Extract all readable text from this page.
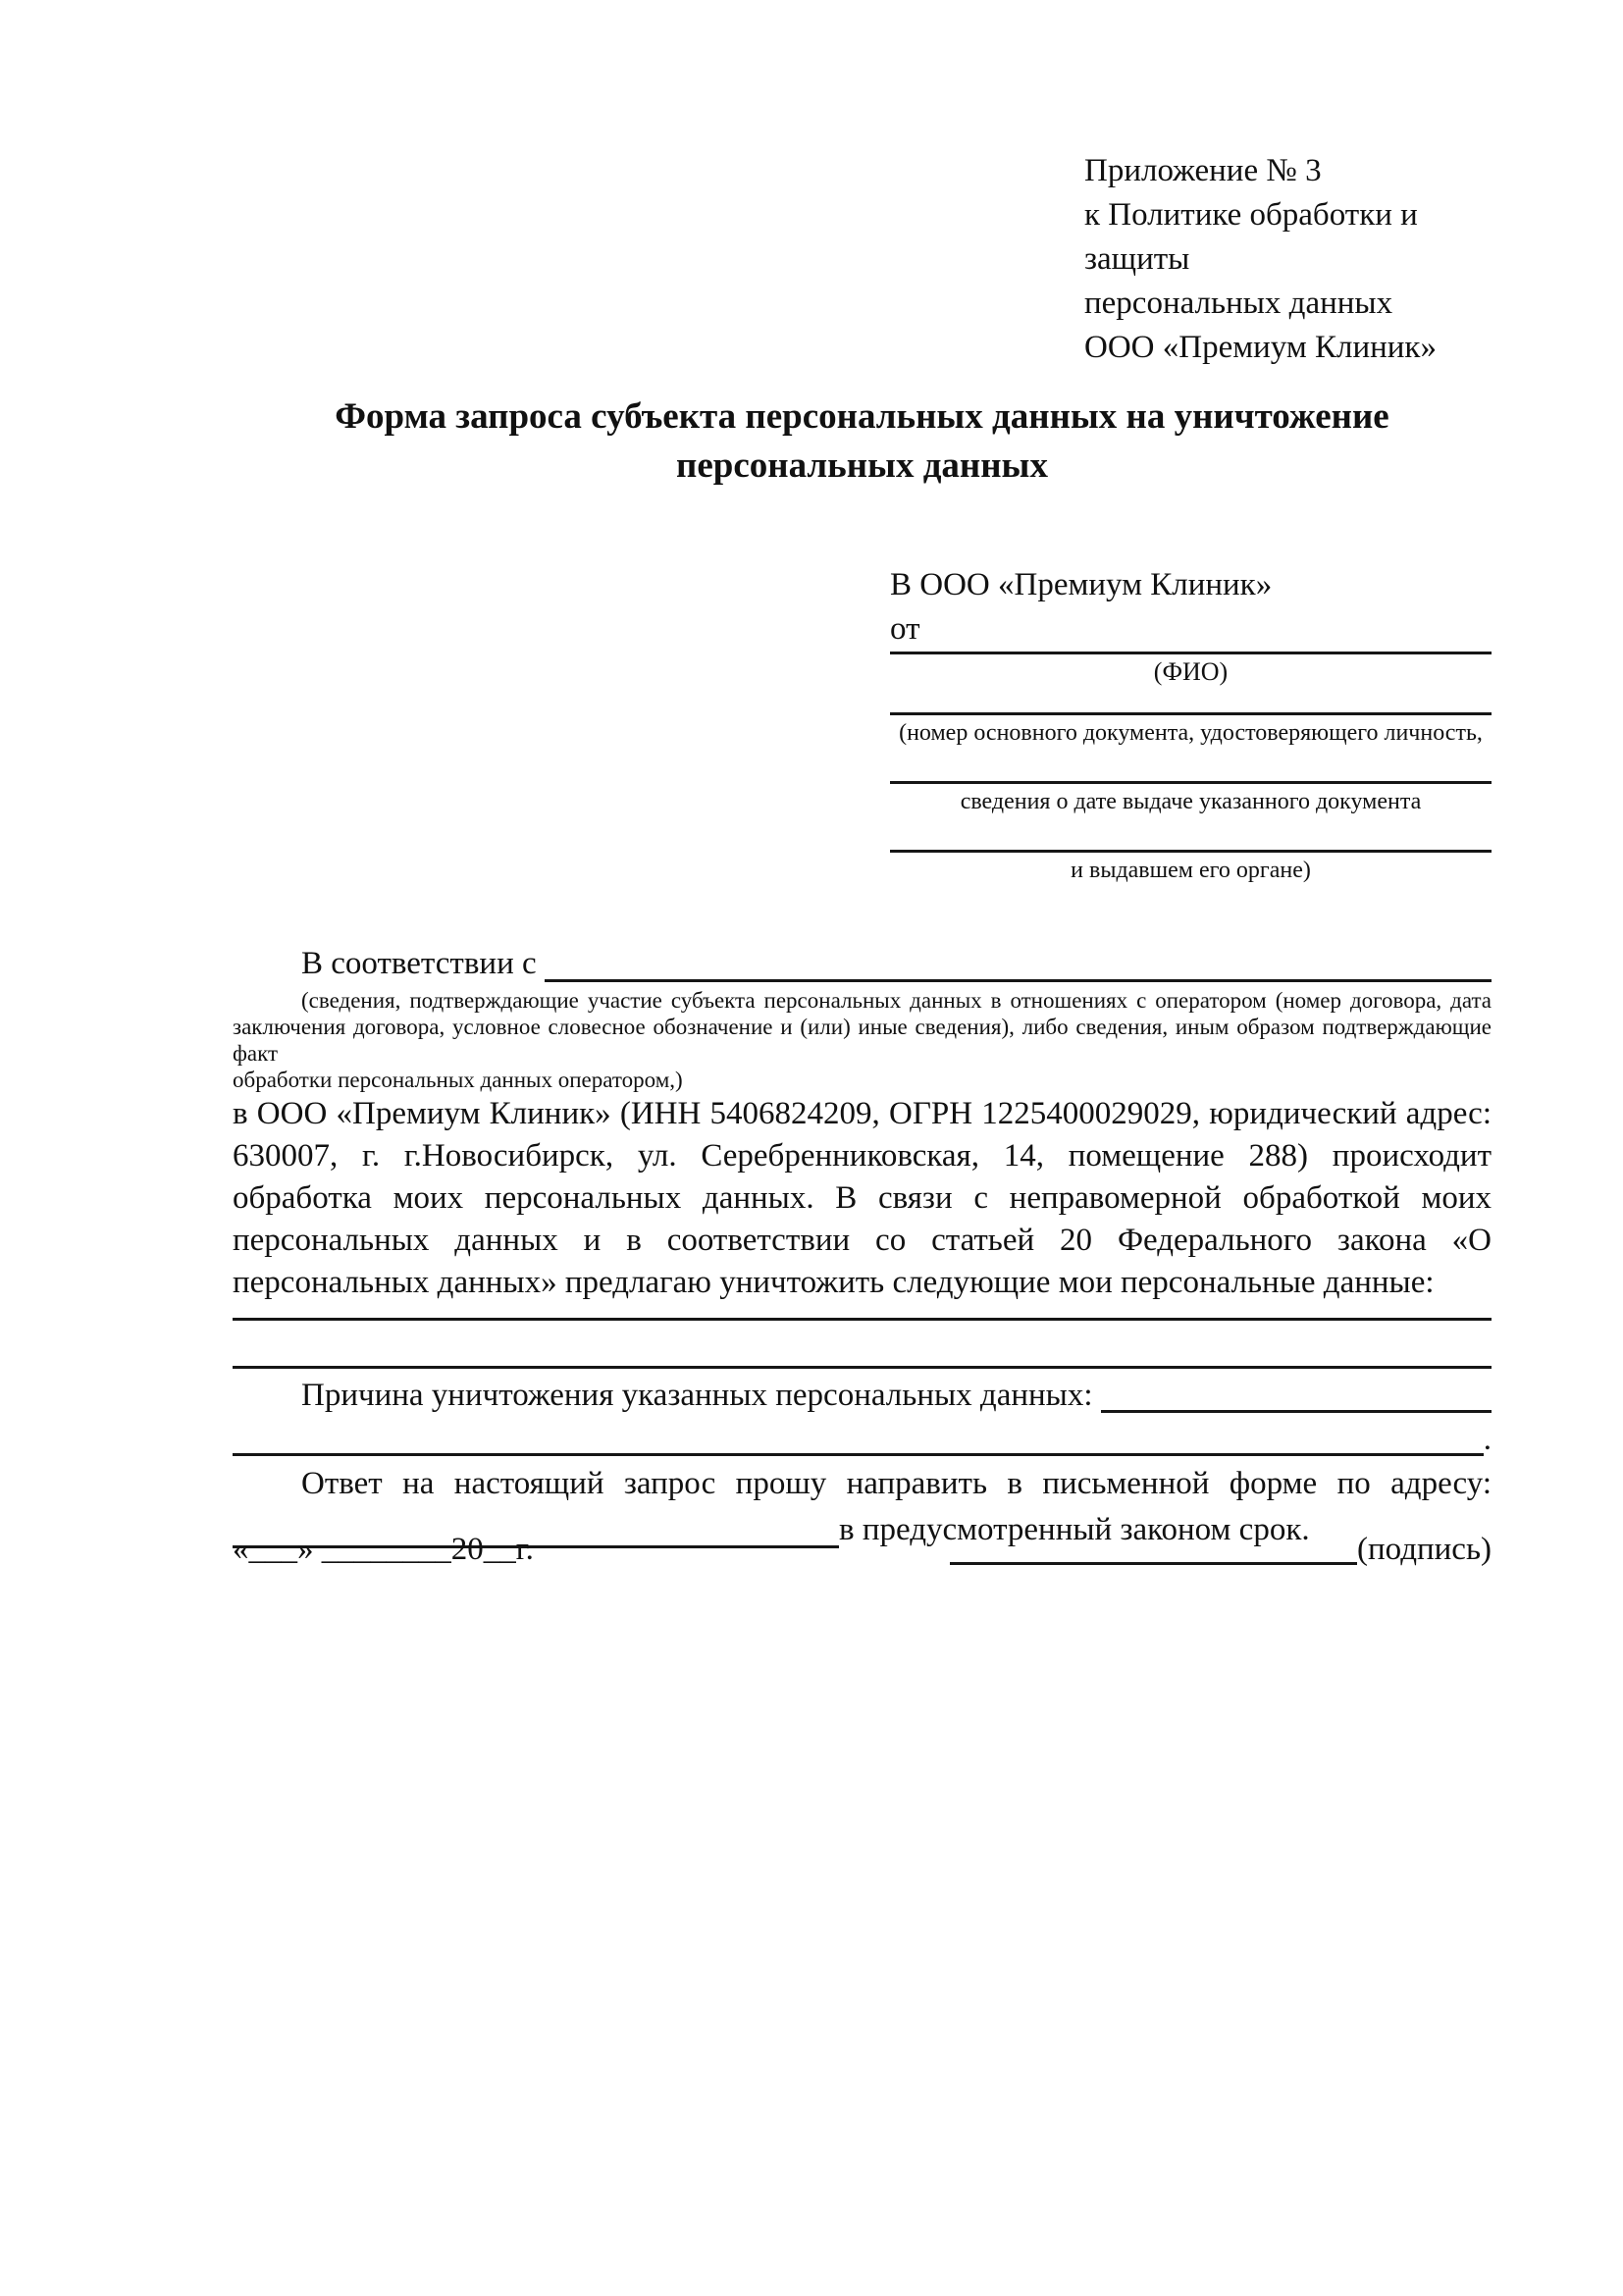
Приложение № 3
к Политике обработки и защиты
персональных данных
ООО «Премиум Клиник»
Форма запроса субъекта персональных данных на уничтожение
персональных данных
В ООО «Премиум Клиник»
от
(ФИО)
(номер основного документа, удостоверяющего личность,
сведения о дате выдаче указанного документа
и выдавшем его органе)
В соответствии с

(сведения, подтверждающие участие субъекта персональных данных в отношениях с оператором (номер договора, дата
заключения договора, условное словесное обозначение и (или) иные сведения), либо сведения, иным образом подтверждающие факт
обработки персональных данных оператором,)
в ООО «Премиум Клиник» (ИНН 5406824209, ОГРН 1225400029029, юридический адрес:
630007, г. г.Новосибирск, ул. Серебренниковская, 14, помещение 288) происходит
обработка моих персональных данных. В связи с неправомерной обработкой моих
персональных данных и в соответствии со статьей 20 Федерального закона «О
персональных данных» предлагаю уничтожить следующие мои персональные данные:
Причина уничтожения указанных персональных данных:

.
Ответ на настоящий запрос прошу направить в письменной форме по адресу:
в предусмотренный законом срок.
«___» ________20__г.	(подпись)
